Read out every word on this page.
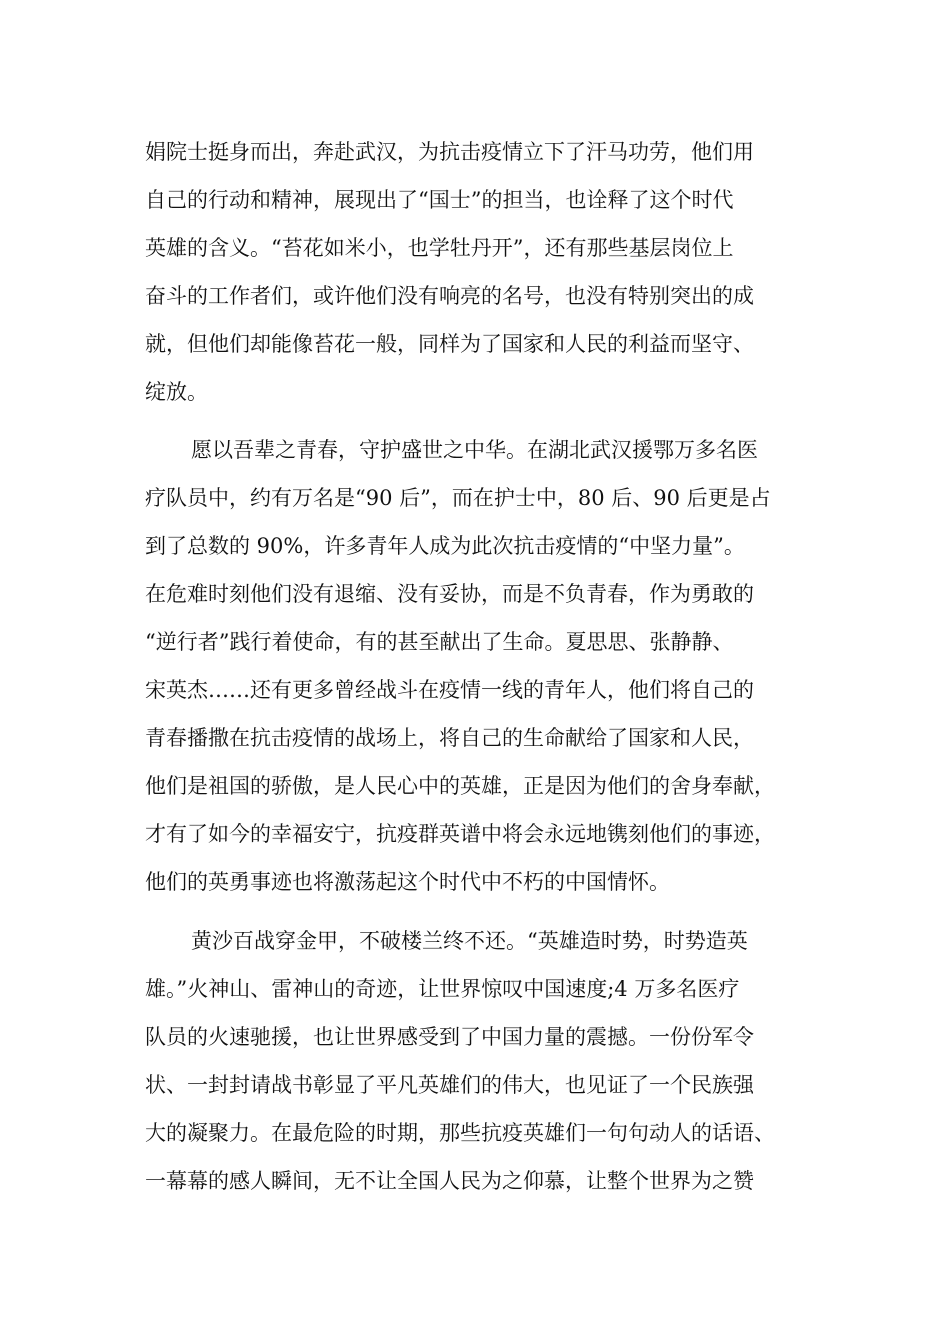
娟院士挺身而出，奔赴武汉，为抗击疫情立下了汗马功劳，他们用
自己的行动和精神，展现出了“国士”的担当，也诠释了这个时代
英雄的含义。“苔花如米小，也学牡丹开”，还有那些基层岗位上
奋斗的工作者们，或许他们没有响亮的名号，也没有特别突出的成
就，但他们却能像苔花一般，同样为了国家和人民的利益而坚守、
绽放。
愿以吾辈之青春，守护盛世之中华。在湖北武汉援鄂万多名医
疗队员中，约有万名是“90 后”，而在护士中，80 后、90 后更是占
到了总数的 90%，许多青年人成为此次抗击疫情的“中坚力量”。
在危难时刻他们没有退缩、没有妥协，而是不负青春，作为勇敢的
“逆行者”践行着使命，有的甚至献出了生命。夏思思、张静静、
宋英杰……还有更多曾经战斗在疫情一线的青年人，他们将自己的
青春播撒在抗击疫情的战场上，将自己的生命献给了国家和人民，
他们是祖国的骄傲，是人民心中的英雄，正是因为他们的舍身奉献，
才有了如今的幸福安宁，抗疫群英谱中将会永远地镌刻他们的事迹，
他们的英勇事迹也将激荡起这个时代中不朽的中国情怀。
黄沙百战穿金甲，不破楼兰终不还。“英雄造时势，时势造英
雄。”火神山、雷神山的奇迹，让世界惊叹中国速度;4 万多名医疗
队员的火速驰援，也让世界感受到了中国力量的震撼。一份份军令
状、一封封请战书彰显了平凡英雄们的伟大，也见证了一个民族强
大的凝聚力。在最危险的时期，那些抗疫英雄们一句句动人的话语、
一幕幕的感人瞬间，无不让全国人民为之仰慕，让整个世界为之赞
